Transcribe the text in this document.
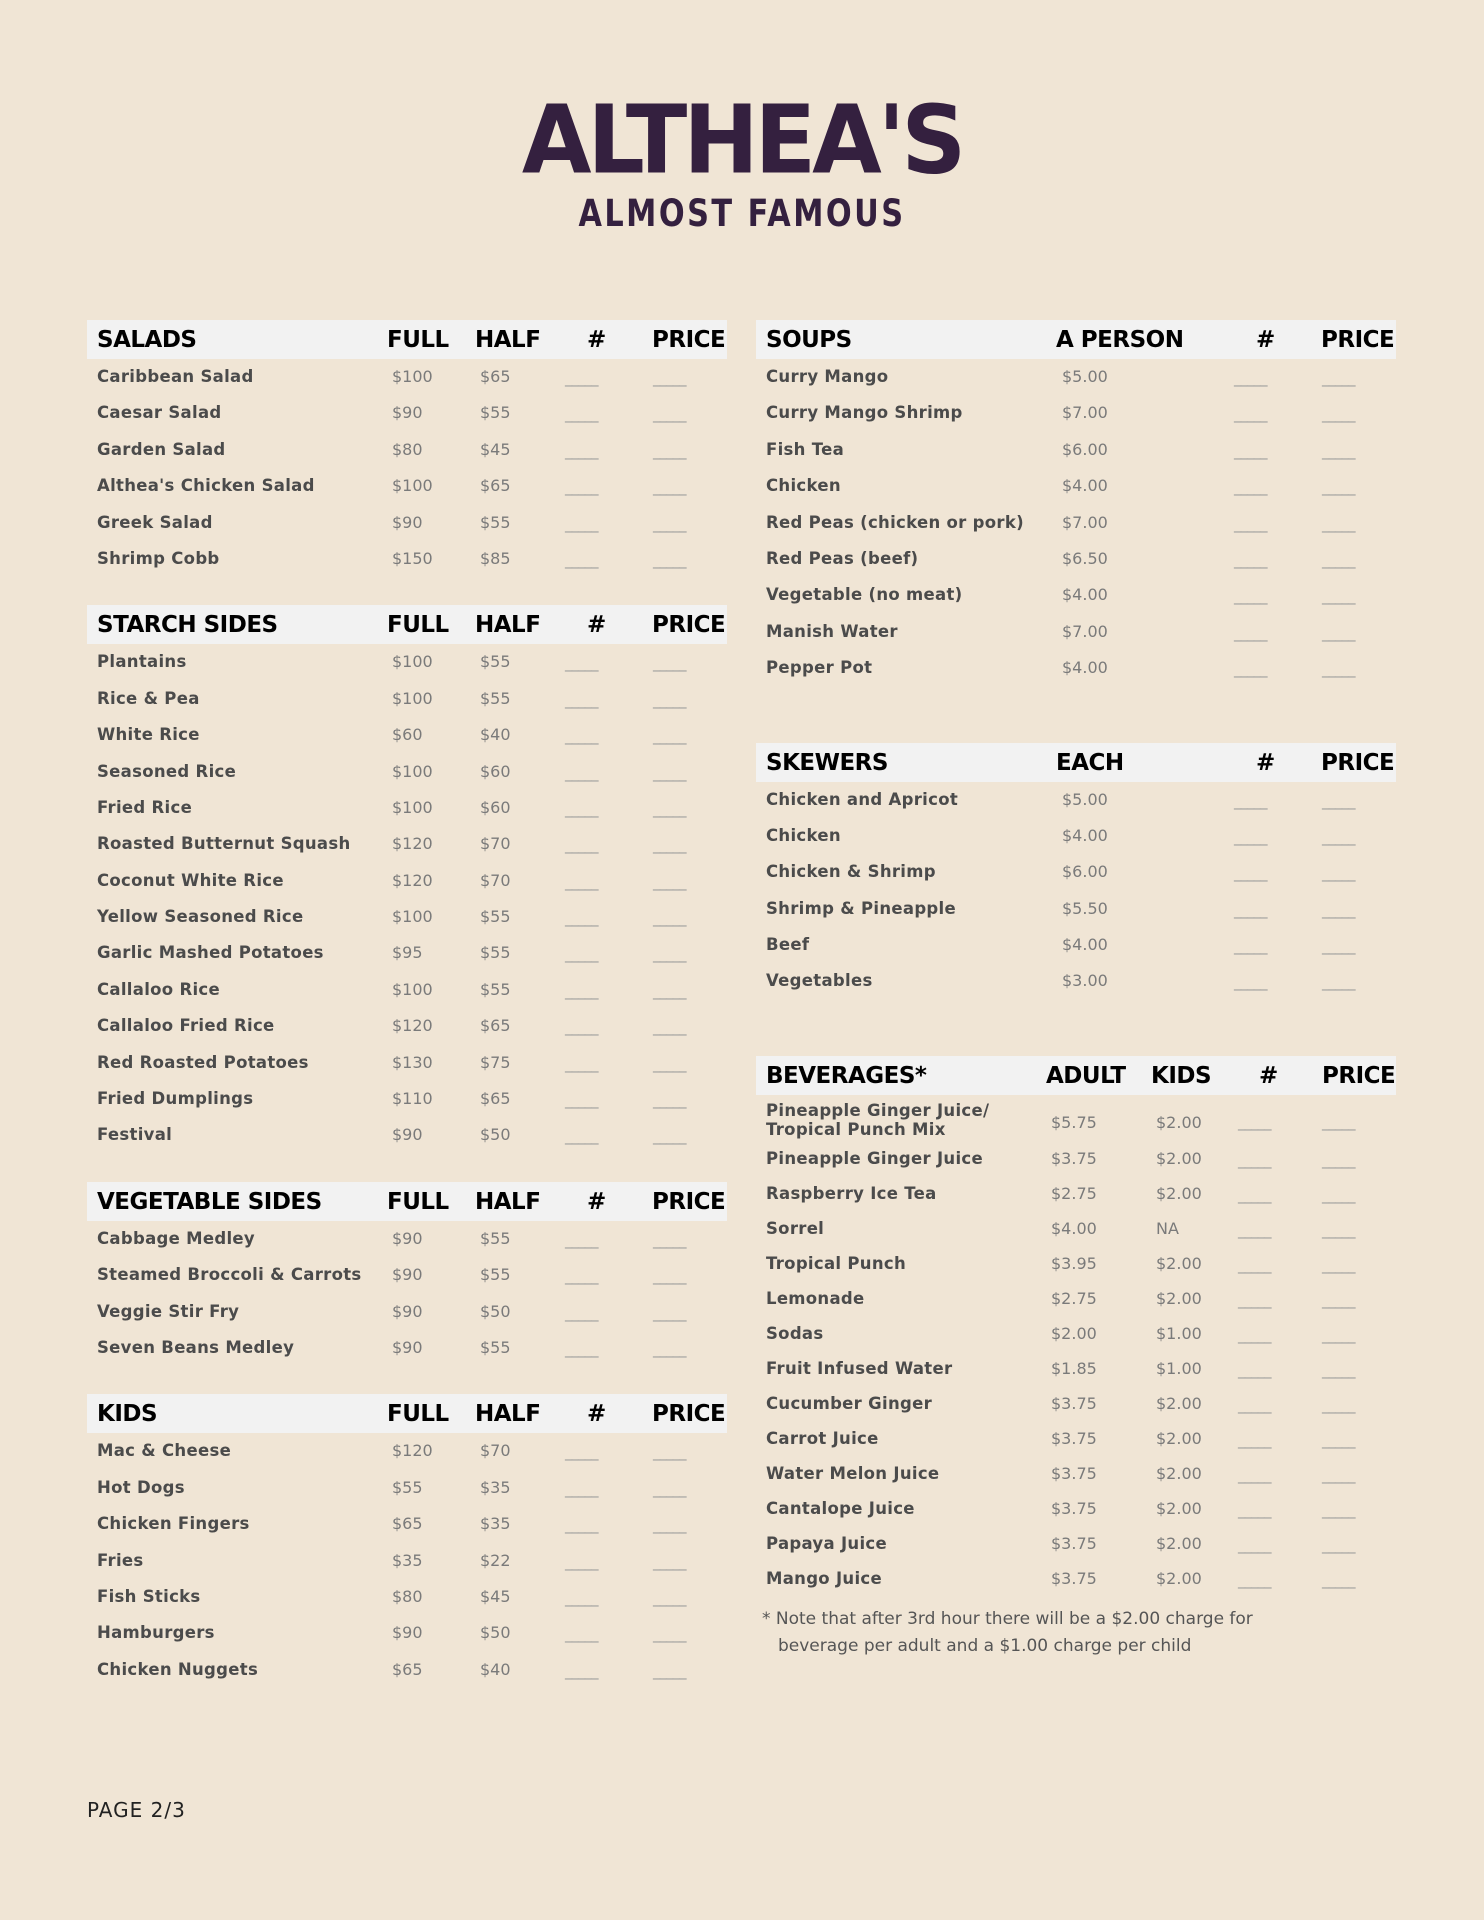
ALTHEA'S
ALMOST FAMOUS
SALADS	FULL HALF # PRICE
Caribbean Salad	$100	$65	_____	_____
Caesar Salad	$90	$55	_____	_____
Garden Salad	$80	$45	_____	_____
Althea's Chicken Salad	$100	$65	_____	_____
Greek Salad	$90	$55	_____	_____
Shrimp Cobb	$150	$85	_____	_____
STARCH SIDES	FULL HALF # PRICE
Plantains	$100	$55	_____	_____
Rice & Pea	$100	$55	_____	_____
White Rice	$60	$40	_____	_____
Seasoned Rice	$100	$60	_____	_____
Fried Rice	$100	$60	_____	_____
Roasted Butternut Squash	$120	$70	_____	_____
Coconut White Rice	$120	$70	_____	_____
Yellow Seasoned Rice	$100	$55	_____	_____
Garlic Mashed Potatoes	$95	$55	_____	_____
Callaloo Rice	$100	$55	_____	_____
Callaloo Fried Rice	$120	$65	_____	_____
Red Roasted Potatoes	$130	$75	_____	_____
Fried Dumplings	$110	$65	_____	_____
Festival	$90	$50	_____	_____
VEGETABLE SIDES	FULL HALF # PRICE
Cabbage Medley	$90	$55	_____	_____
Steamed Broccoli & Carrots $90	$55	_____	_____
Veggie Stir Fry	$90	$50	_____	_____
Seven Beans Medley	$90	$55	_____	_____
KIDS	FULL HALF # PRICE
Mac & Cheese	$120	$70	_____	_____
Hot Dogs	$55	$35	_____	_____
Chicken Fingers	$65	$35	_____	_____
Fries	$35	$22	_____	_____
Fish Sticks	$80	$45	_____	_____
Hamburgers	$90	$50	_____	_____
Chicken Nuggets	$65	$40	_____	_____
SOUPS	A PERSON	# PRICE
Curry Mango	$5.00	_____	_____
Curry Mango Shrimp	$7.00	_____	_____
Fish Tea	$6.00	_____	_____
Chicken	$4.00	_____	_____
Red Peas (chicken or pork) $7.00	_____	_____
Red Peas (beef)	$6.50	_____	_____
Vegetable (no meat)	$4.00	_____	_____
Manish Water	$7.00	_____	_____
Pepper Pot	$4.00	_____	_____
SKEWERS	EACH	# PRICE
Chicken and Apricot	$5.00	_____	_____
Chicken	$4.00	_____	_____
Chicken & Shrimp	$6.00	_____	_____
Shrimp & Pineapple	$5.50	_____	_____
Beef	$4.00	_____	_____
Vegetables	$3.00	_____	_____
BEVERAGES*	ADULT KIDS # PRICE
Pineapple Ginger Juice/
Tropical Punch Mix	$5.75	$2.00 _____	_____
Pineapple Ginger Juice	$3.75	$2.00 _____	_____
Raspberry Ice Tea	$2.75	$2.00 _____	_____
Sorrel	$4.00	NA	_____	_____
Tropical Punch	$3.95	$2.00 _____	_____
Lemonade	$2.75	$2.00 _____	_____
Sodas	$2.00	$1.00 _____	_____
Fruit Infused Water	$1.85	$1.00 _____	_____
Cucumber Ginger	$3.75	$2.00 _____	_____
Carrot Juice	$3.75	$2.00 _____	_____
Water Melon Juice	$3.75	$2.00 _____	_____
Cantalope Juice	$3.75	$2.00 _____	_____
Papaya Juice	$3.75	$2.00 _____	_____
Mango Juice	$3.75	$2.00 _____	_____
* Note that after 3rd hour there will be a $2.00 charge for
beverage per adult and a $1.00 charge per child
PAGE 2/3
